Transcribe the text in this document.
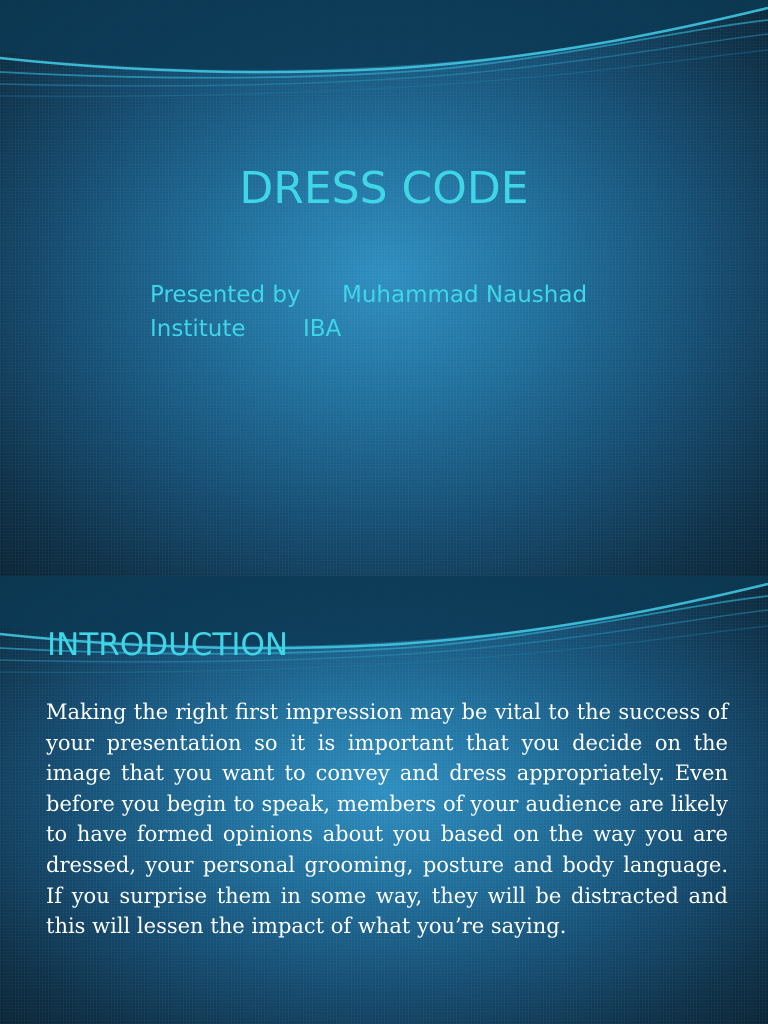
DRESS CODE
Presented by Muhammad Naushad
Institute IBA
INTRODUCTION

Making the right first impression may be vital to the success of your presentation so it is important that you decide on the image that you want to convey and dress appropriately. Even before you begin to speak, members of your audience are likely to have formed opinions about you based on the way you are dressed, your personal grooming, posture and body language. If you surprise them in some way, they will be distracted and this will lessen the impact of what you’re saying.
